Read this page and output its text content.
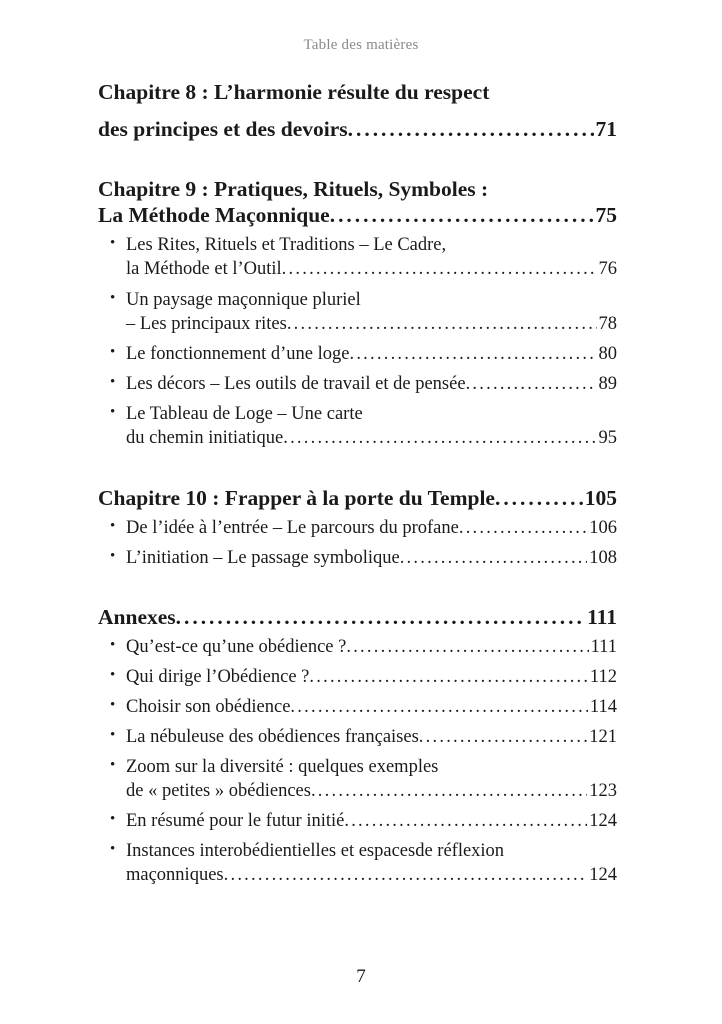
Table des matières
Chapitre 8 : L’harmonie résulte du respect
des principes et des devoirs . . .	71
Chapitre 9 : Pratiques, Rituels, Symboles :
La Méthode Maçonnique . . .	75
• Les Rites, Rituels et Traditions – Le Cadre,
la Méthode et l’Outil . . .	76
• Un paysage maçonnique pluriel
– Les principaux rites . . .	78
• Le fonctionnement d’une loge . . .	80
• Les décors – Les outils de travail et de pensée . . .	89
• Le Tableau de Loge – Une carte
du chemin initiatique . . .	95
Chapitre 10 : Frapper à la porte du Temple . . .	105
• De l’idée à l’entrée – Le parcours du profane . . .	106
• L’initiation – Le passage symbolique . . .	108
Annexes . . .	111
• Qu’est-ce qu’une obédience ? . . .	111
• Qui dirige l’Obédience ? . . .	112
• Choisir son obédience . . .	114
• La nébuleuse des obédiences françaises . . .	121
• Zoom sur la diversité : quelques exemples
de « petites » obédiences . . .	123
• En résumé pour le futur initié . . .	124
• Instances interobédientielles et espacesde réflexion
maçonniques . . .	124
7
